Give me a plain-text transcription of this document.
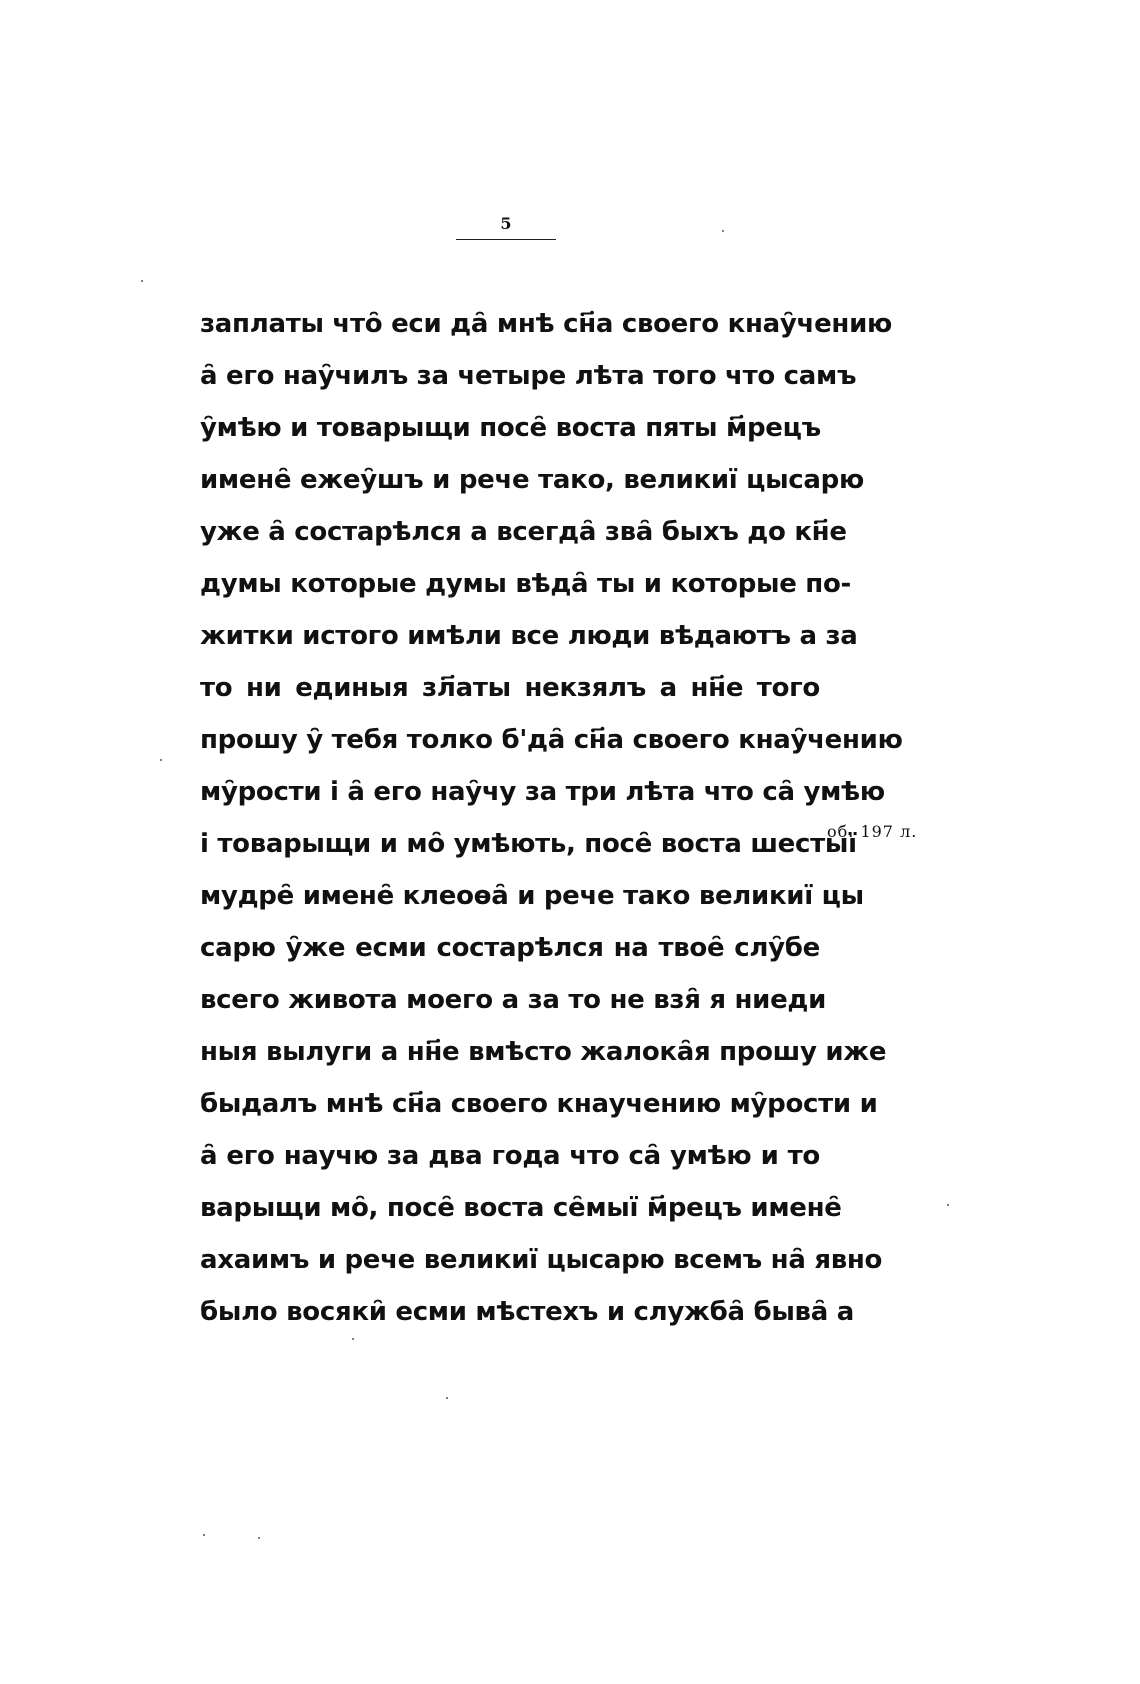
5
заплаты что̑ еси да̑ мнѣ сн҃а своего кнау̑чению
а̑ его нау̑чилъ за четыре лѣта того что самъ
у̑мѣю и товарыщи посе̑ воста пяты м҃рецъ
имене̑ ежеу̑шъ и рече тако, великиї цысарю
уже а̑ состарѣлся а всегда̑ зва̑ быхъ до кн҃е
думы которые думы вѣда̑ ты и которые по-
житки истого имѣли все люди вѣдаютъ а за
то ни единыя зл҃аты некзялъ а нн҃е того
прошу у̑ тебя толко б'да̑ сн҃а своего кнау̑чению
му̑рости і а̑ его нау̑чу за три лѣта что са̑ умѣю
і товарыщи и мо̑ умѣють, посе̑ воста шестыї
мудре̑ имене̑ клеоѳа̑ и рече тако великиї цы
сарю у̑же есми состарѣлся на твое̑ слу̑бе
всего живота моего а за то не взя̑ я ниеди
ныя вылуги а нн҃е вмѣсто жалока̑я прошу иже
быдалъ мнѣ сн҃а своего кнаучению му̑рости и
а̑ его научю за два года что са̑ умѣю и то
варыщи мо̑, посе̑ воста се̑мыї м҃рецъ имене̑
ахаимъ и рече великиї цысарю всемъ на̑ явно
было восяки̑ есми мѣстехъ и служба̑ быва̑ а
об. 197 л.
